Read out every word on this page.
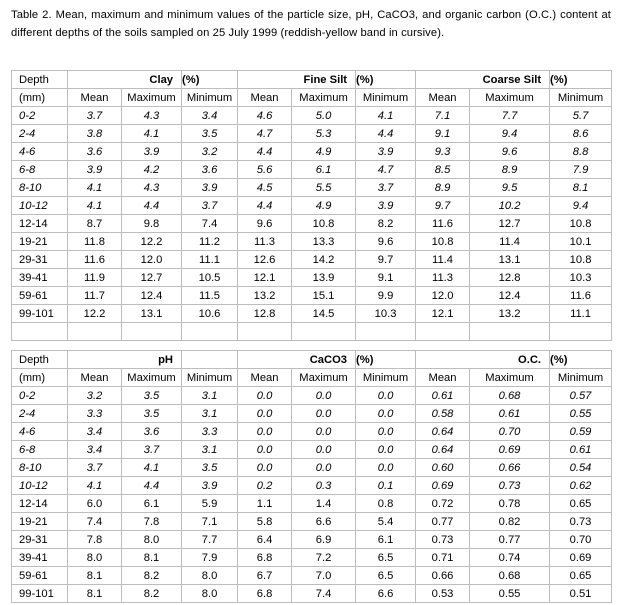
Table 2. Mean, maximum and minimum values of the particle size, pH, CaCO3, and organic carbon (O.C.) content at different depths of the soils sampled on 25 July 1999 (reddish-yellow band in cursive).
Depth	Clay		(%)	Fine Silt		(%)	Coarse Silt		(%)
(mm)	Mean	Maximum	Minimum	Mean	Maximum	Minimum	Mean	Maximum	Minimum
0-2	3.7	4.3	3.4	4.6	5.0	4.1	7.1	7.7	5.7
2-4	3.8	4.1	3.5	4.7	5.3	4.4	9.1	9.4	8.6
4-6	3.6	3.9	3.2	4.4	4.9	3.9	9.3	9.6	8.8
6-8	3.9	4.2	3.6	5.6	6.1	4.7	8.5	8.9	7.9
8-10	4.1	4.3	3.9	4.5	5.5	3.7	8.9	9.5	8.1
10-12	4.1	4.4	3.7	4.4	4.9	3.9	9.7	10.2	9.4
12-14	8.7	9.8	7.4	9.6	10.8	8.2	11.6	12.7	10.8
19-21	11.8	12.2	11.2	11.3	13.3	9.6	10.8	11.4	10.1
29-31	11.6	12.0	11.1	12.6	14.2	9.7	11.4	13.1	10.8
39-41	11.9	12.7	10.5	12.1	13.9	9.1	11.3	12.8	10.3
59-61	11.7	12.4	11.5	13.2	15.1	9.9	12.0	12.4	11.6
99-101	12.2	13.1	10.6	12.8	14.5	10.3	12.1	13.2	11.1

Depth	pH			CaCO3		(%)	O.C.		(%)
(mm)	Mean	Maximum	Minimum	Mean	Maximum	Minimum	Mean	Maximum	Minimum
0-2	3.2	3.5	3.1	0.0	0.0	0.0	0.61	0.68	0.57
2-4	3.3	3.5	3.1	0.0	0.0	0.0	0.58	0.61	0.55
4-6	3.4	3.6	3.3	0.0	0.0	0.0	0.64	0.70	0.59
6-8	3.4	3.7	3.1	0.0	0.0	0.0	0.64	0.69	0.61
8-10	3.7	4.1	3.5	0.0	0.0	0.0	0.60	0.66	0.54
10-12	4.1	4.4	3.9	0.2	0.3	0.1	0.69	0.73	0.62
12-14	6.0	6.1	5.9	1.1	1.4	0.8	0.72	0.78	0.65
19-21	7.4	7.8	7.1	5.8	6.6	5.4	0.77	0.82	0.73
29-31	7.8	8.0	7.7	6.4	6.9	6.1	0.73	0.77	0.70
39-41	8.0	8.1	7.9	6.8	7.2	6.5	0.71	0.74	0.69
59-61	8.1	8.2	8.0	6.7	7.0	6.5	0.66	0.68	0.65
99-101	8.1	8.2	8.0	6.8	7.4	6.6	0.53	0.55	0.51
